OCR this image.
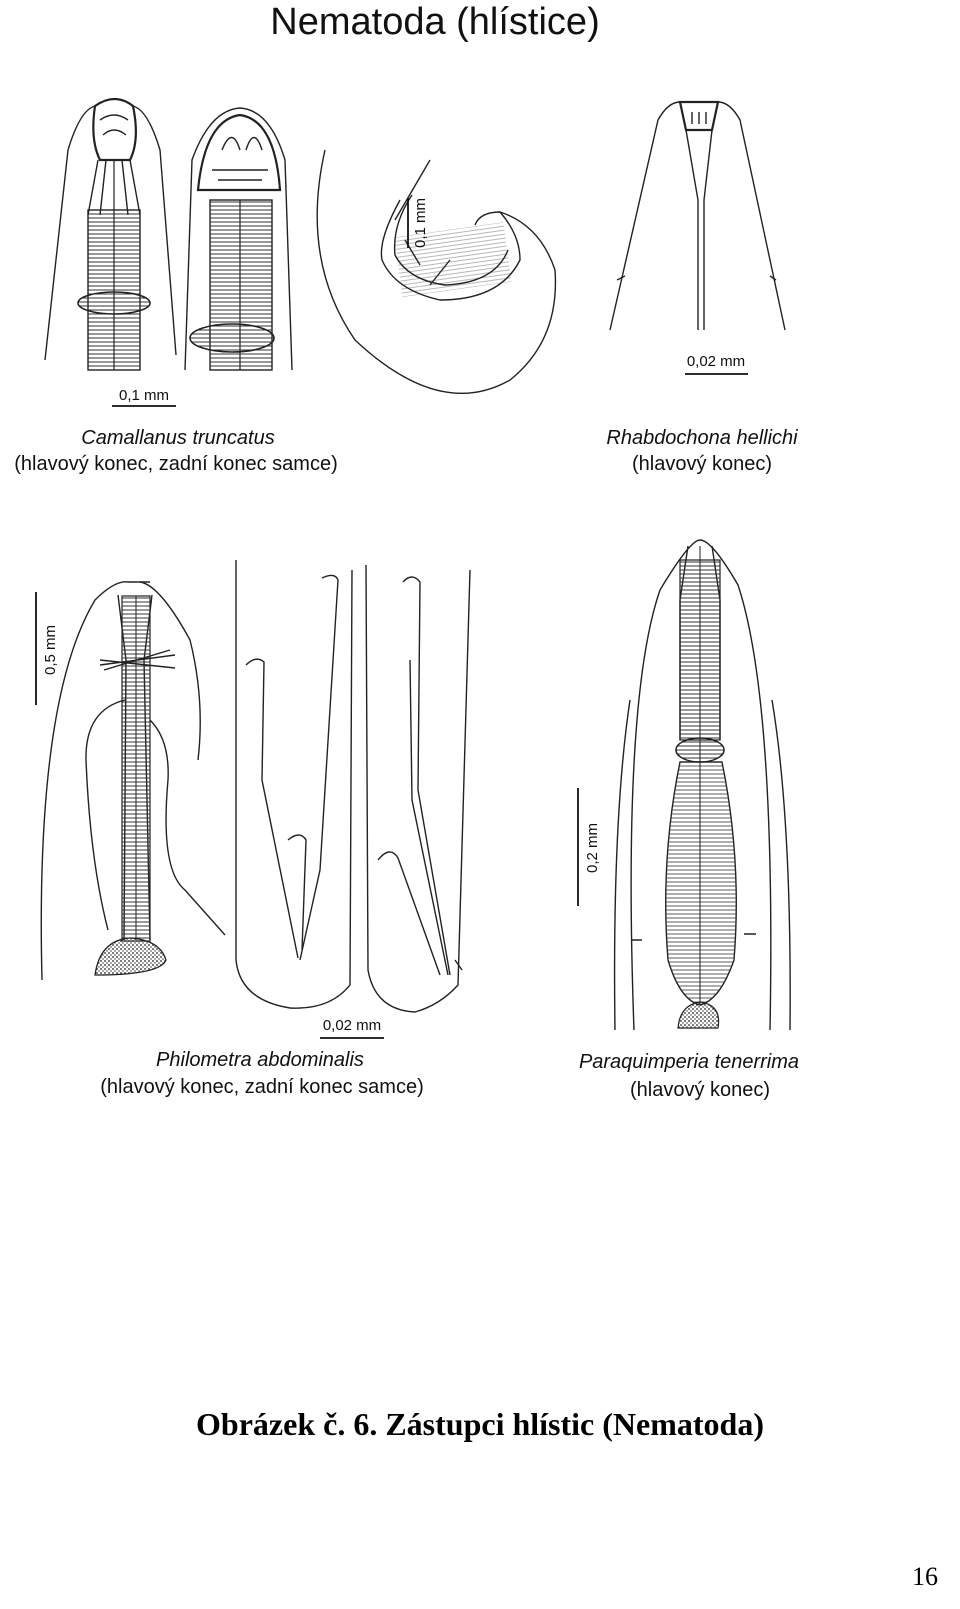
Nematoda (hlístice)
0,1 mm
0,1 mm
Camallanus truncatus
(hlavový konec, zadní konec samce)
0,02 mm
Rhabdochona hellichi
(hlavový konec)
0,5 mm
0,02 mm
Philometra abdominalis
(hlavový konec, zadní konec samce)
0,2 mm
Paraquimperia tenerrima
(hlavový konec)
Obrázek č. 6. Zástupci hlístic (Nematoda)
16
